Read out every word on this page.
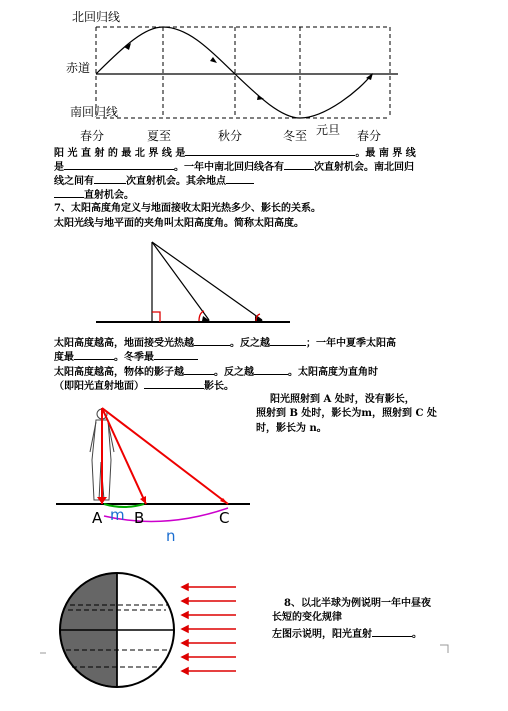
北回归线
赤道
南回归线
春分	夏至	秋分	冬至 元旦 春分
阳 光 直 射 的 最 北 界 线 是	。最 南 界 线
是	。一年中南北回归线各有	次直射机会。南北回归
线之间有	次直射机会。其余地点
直射机会。
7、太阳高度角定义与地面接收太阳光热多少、影长的关系。
太阳光线与地平面的夹角叫太阳高度角。简称太阳高度。
太阳高度越高，地面接受光热越	。反之越	；一年中夏季太阳高
度最	。冬季最
太阳高度越高，物体的影子越	。反之越	。太阳高度为直角时
（即阳光直射地面）	影长。
阳光照射到 A 处时，没有影长，
照射到 B 处时，影长为m，照射到 C 处
时，影长为 n。
A m B	C
n
8、以北半球为例说明一年中昼夜
长短的变化规律
左图示说明，阳光直射	。
